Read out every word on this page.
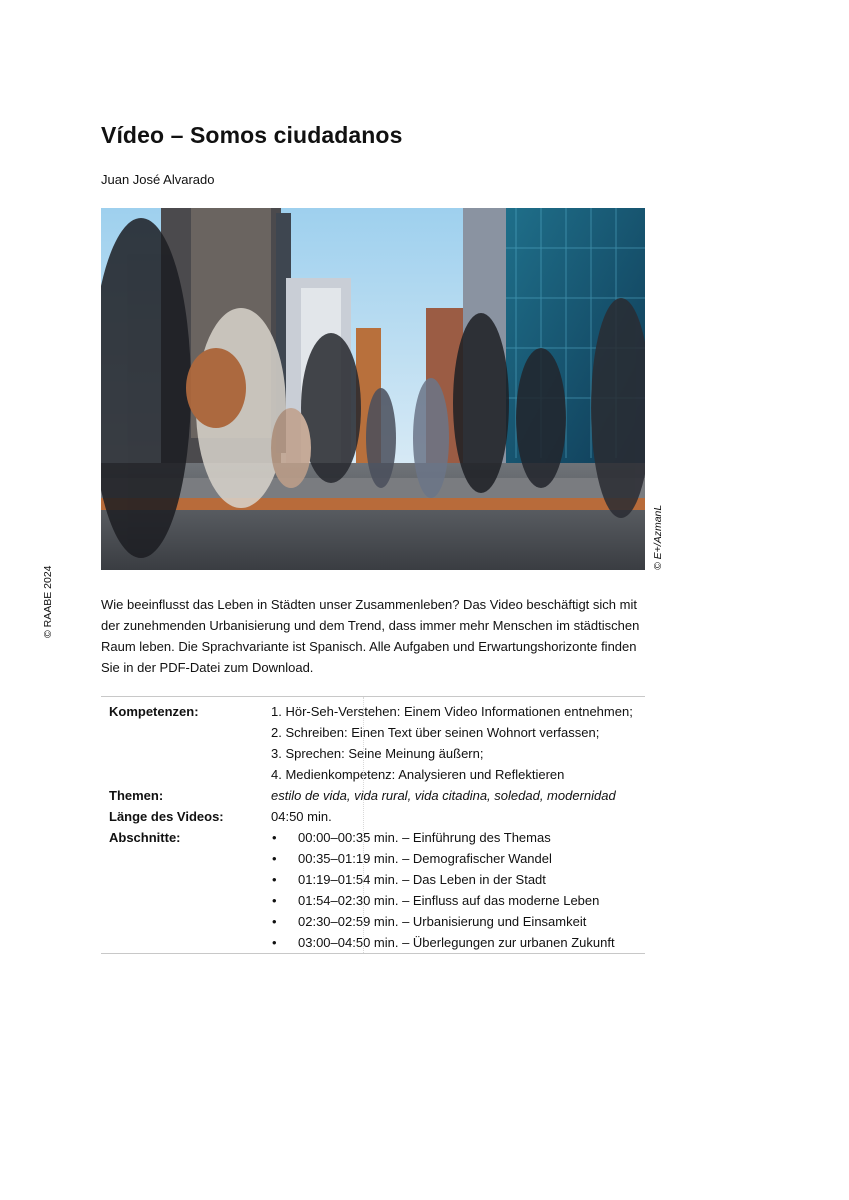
Vídeo – Somos ciudadanos
Juan José Alvarado
© E+/AzmanL
© RAABE 2024	Wie beeinflusst das Leben in Städten unser Zusammenleben? Das Video beschäftigt sich mit der zunehmenden Urbanisierung und dem Trend, dass immer mehr Menschen im städtischen Raum leben. Die Sprachvariante ist Spanisch. Alle Aufgaben und Erwartungshorizonte finden Sie in der PDF-Datei zum Download.

Kompetenzen:	1. Hör-Seh-Verstehen: Einem Video Informationen entnehmen;
2. Schreiben: Einen Text über seinen Wohnort verfassen;
3. Sprechen: Seine Meinung äußern;
4. Medienkompetenz: Analysieren und Reflektieren
Themen:	estilo de vida, vida rural, vida citadina, soledad, modernidad
Länge des Videos:	04:50 min.
Abschnitte:	•	00:00–00:35 min. – Einführung des Themas
•	00:35–01:19 min. – Demografischer Wandel
•	01:19–01:54 min. – Das Leben in der Stadt
•	01:54–02:30 min. – Einfluss auf das moderne Leben
•	02:30–02:59 min. – Urbanisierung und Einsamkeit
•	03:00–04:50 min. – Überlegungen zur urbanen Zukunft
